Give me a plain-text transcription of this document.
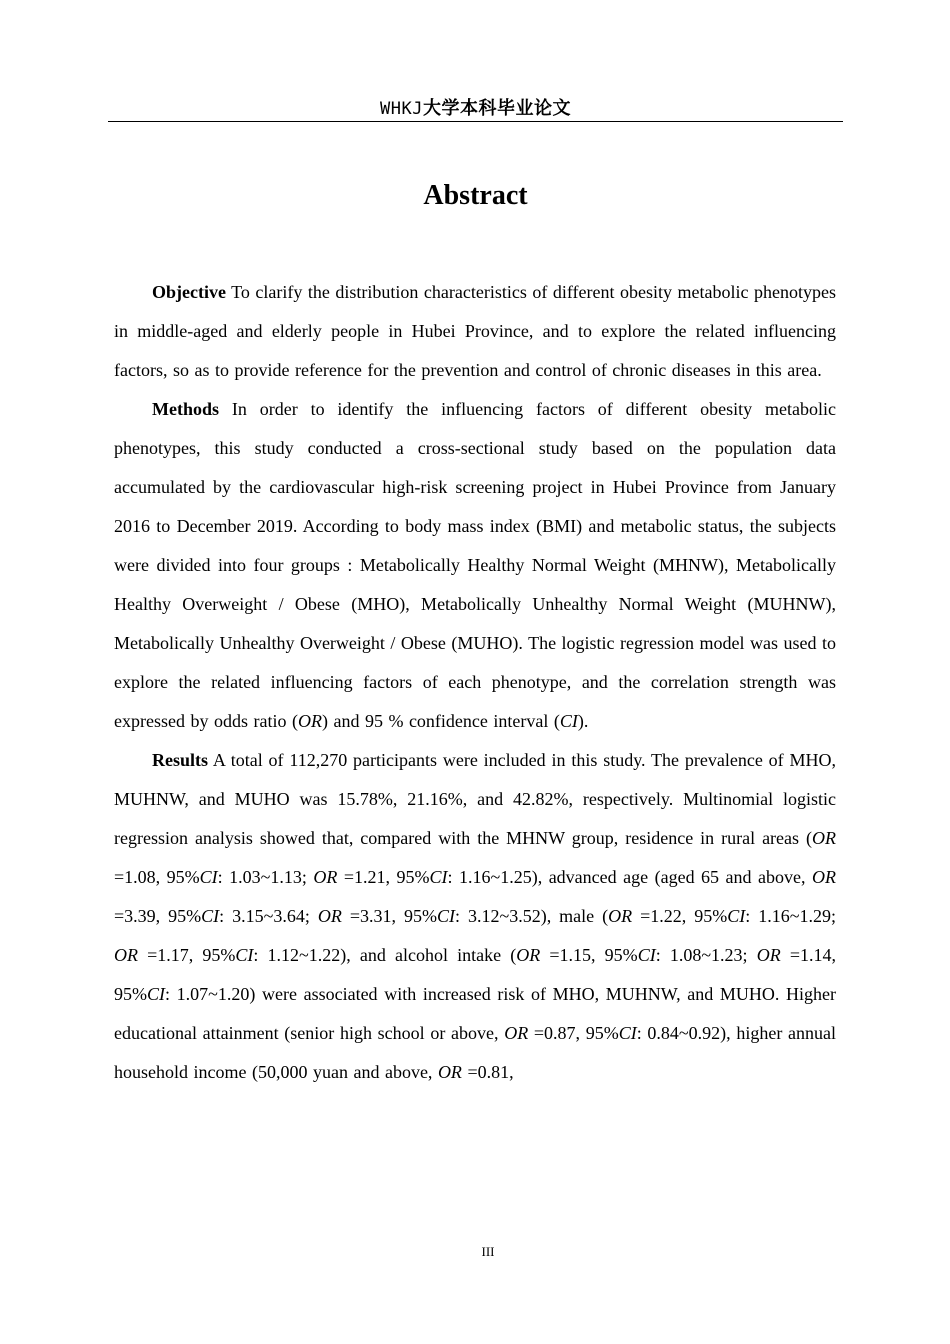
WHKJ大学本科毕业论文
Abstract

Objective To clarify the distribution characteristics of different obesity metabolic phenotypes in middle-aged and elderly people in Hubei Province, and to explore the related influencing factors, so as to provide reference for the prevention and control of chronic diseases in this area.

Methods In order to identify the influencing factors of different obesity metabolic phenotypes, this study conducted a cross-sectional study based on the population data accumulated by the cardiovascular high-risk screening project in Hubei Province from January 2016 to December 2019. According to body mass index (BMI) and metabolic status, the subjects were divided into four groups : Metabolically Healthy Normal Weight (MHNW), Metabolically Healthy Overweight / Obese (MHO), Metabolically Unhealthy Normal Weight (MUHNW), Metabolically Unhealthy Overweight / Obese (MUHO). The logistic regression model was used to explore the related influencing factors of each phenotype, and the correlation strength was expressed by odds ratio (OR) and 95 % confidence interval (CI).

Results A total of 112,270 participants were included in this study. The prevalence of MHO, MUHNW, and MUHO was 15.78%, 21.16%, and 42.82%, respectively. Multinomial logistic regression analysis showed that, compared with the MHNW group, residence in rural areas (OR =1.08, 95%CI: 1.03~1.13; OR =1.21, 95%CI: 1.16~1.25), advanced age (aged 65 and above, OR =3.39, 95%CI: 3.15~3.64; OR =3.31, 95%CI: 3.12~3.52), male (OR =1.22, 95%CI: 1.16~1.29; OR =1.17, 95%CI: 1.12~1.22), and alcohol intake (OR =1.15, 95%CI: 1.08~1.23; OR =1.14, 95%CI: 1.07~1.20) were associated with increased risk of MHO, MUHNW, and MUHO. Higher educational attainment (senior high school or above, OR =0.87, 95%CI: 0.84~0.92), higher annual household income (50,000 yuan and above, OR =0.81,

III
